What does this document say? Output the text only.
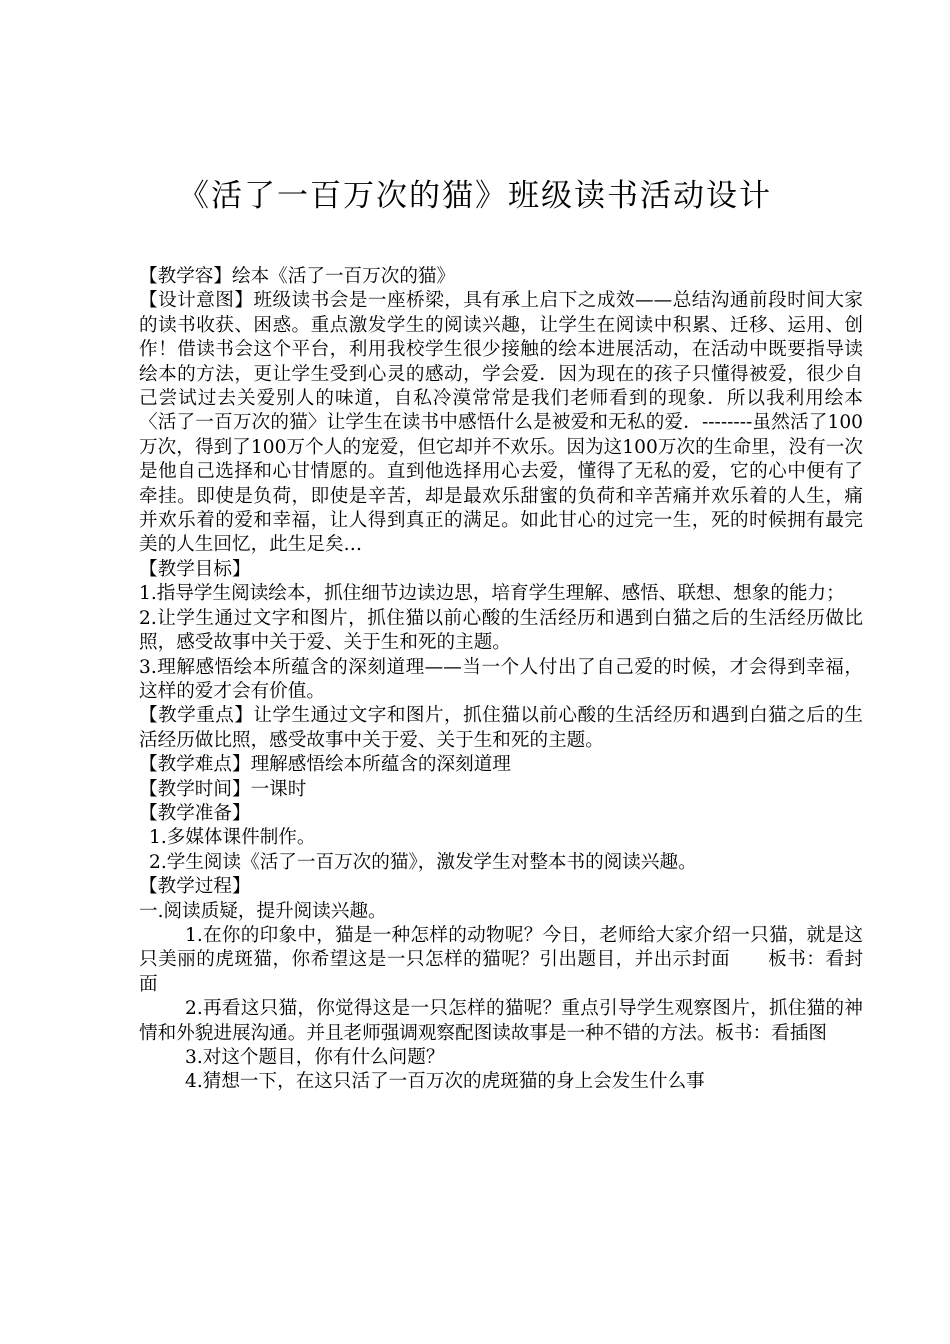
《活了一百万次的猫》班级读书活动设计

【教学容】绘本《活了一百万次的猫》

【设计意图】班级读书会是一座桥梁，具有承上启下之成效——总结沟通前段时间大家的读书收获、困惑。重点激发学生的阅读兴趣，让学生在阅读中积累、迁移、运用、创作！借读书会这个平台，利用我校学生很少接触的绘本进展活动，在活动中既要指导读绘本的方法，更让学生受到心灵的感动，学会爱．因为现在的孩子只懂得被爱，很少自己尝试过去关爱别人的味道，自私冷漠常常是我们老师看到的现象．所以我利用绘本〈活了一百万次的猫〉让学生在读书中感悟什么是被爱和无私的爱．--------虽然活了100万次，得到了100万个人的宠爱，但它却并不欢乐。因为这100万次的生命里，没有一次是他自己选择和心甘情愿的。直到他选择用心去爱，懂得了无私的爱，它的心中便有了牵挂。即使是负荷，即使是辛苦，却是最欢乐甜蜜的负荷和辛苦痛并欢乐着的人生，痛并欢乐着的爱和幸福，让人得到真正的满足。如此甘心的过完一生，死的时候拥有最完美的人生回忆，此生足矣…

【教学目标】

1.指导学生阅读绘本，抓住细节边读边思，培育学生理解、感悟、联想、想象的能力；

2.让学生通过文字和图片，抓住猫以前心酸的生活经历和遇到白猫之后的生活经历做比照，感受故事中关于爱、关于生和死的主题。

3.理解感悟绘本所蕴含的深刻道理——当一个人付出了自己爱的时候，才会得到幸福，这样的爱才会有价值。

【教学重点】让学生通过文字和图片，抓住猫以前心酸的生活经历和遇到白猫之后的生活经历做比照，感受故事中关于爱、关于生和死的主题。

【教学难点】理解感悟绘本所蕴含的深刻道理

【教学时间】一课时

【教学准备】

1.多媒体课件制作。

2.学生阅读《活了一百万次的猫》，激发学生对整本书的阅读兴趣。

【教学过程】

一.阅读质疑，提升阅读兴趣。

1.在你的印象中，猫是一种怎样的动物呢？今日，老师给大家介绍一只猫，就是这只美丽的虎斑猫，你希望这是一只怎样的猫呢？引出题目，并出示封面　　板书：看封面

2.再看这只猫，你觉得这是一只怎样的猫呢？重点引导学生观察图片，抓住猫的神情和外貌进展沟通。并且老师强调观察配图读故事是一种不错的方法。板书：看插图

3.对这个题目，你有什么问题？

4.猜想一下，在这只活了一百万次的虎斑猫的身上会发生什么事
